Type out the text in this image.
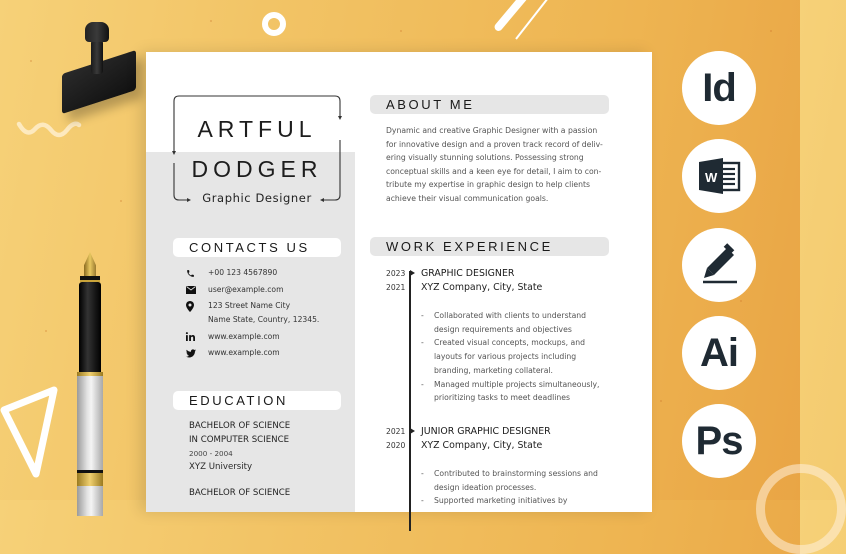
ARTFUL
DODGER
Graphic Designer
CONTACTS US
+00 123 4567890
user@example.com
123 Street Name City
Name State, Country, 12345.
www.example.com
www.example.com
EDUCATION
BACHELOR OF SCIENCE
IN COMPUTER SCIENCE
2000 - 2004
XYZ University
BACHELOR OF SCIENCE
ABOUT ME
Dynamic and creative Graphic Designer with a passion
for innovative design and a proven track record of deliv-
ering visually stunning solutions. Possessing strong
conceptual skills and a keen eye for detail, I aim to con-
tribute my expertise in graphic design to help clients
achieve their visual communication goals.
WORK EXPERIENCE
2023
2021
GRAPHIC DESIGNER
XYZ Company, City, State
- Collaborated with clients to understand
design requirements and objectives
- Created visual concepts, mockups, and
layouts for various projects including
branding, marketing collateral.
- Managed multiple projects simultaneously,
prioritizing tasks to meet deadlines
2021
2020
JUNIOR GRAPHIC DESIGNER
XYZ Company, City, State
- Contributed to brainstorming sessions and
design ideation processes.
- Supported marketing initiatives by
Id
W
Ai
Ps
